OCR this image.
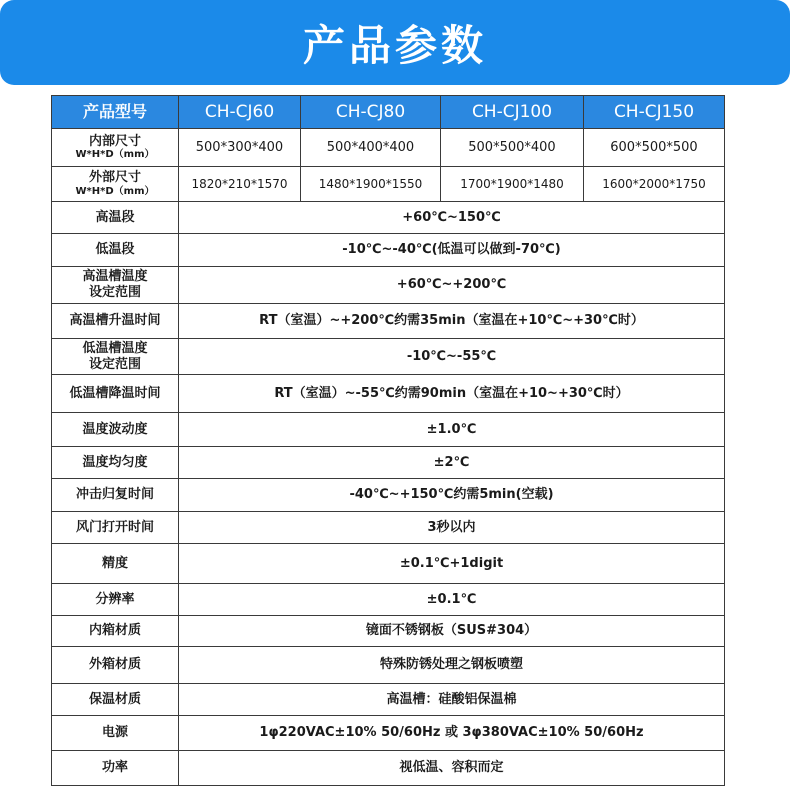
产品参数
产品型号	CH-CJ60	CH-CJ80	CH-CJ100	CH-CJ150
内部尺寸
W*H*D（mm）	500*300*400	500*400*400	500*500*400	600*500*500
外部尺寸
W*H*D（mm）	1820*210*1570	1480*1900*1550	1700*1900*1480	1600*2000*1750
高温段	+60℃~150℃			
低温段	-10℃~-40℃(低温可以做到-70℃)			

高温槽温度
设定范围	+60℃~+200℃			
高温槽升温时间	RT（室温）~+200℃约需35min（室温在+10℃~+30℃时）			

低温槽温度
设定范围	-10℃~-55℃			
低温槽降温时间	RT（室温）~-55℃约需90min（室温在+10~+30℃时）			
温度波动度	±1.0℃			
温度均匀度	±2℃			
冲击归复时间	-40℃~+150℃约需5min(空载)			
风门打开时间	3秒以内			
精度	±0.1℃+1digit			
分辨率	±0.1℃			
内箱材质	镜面不锈钢板（SUS#304）			
外箱材质	特殊防锈处理之钢板喷塑			
保温材质	高温槽：硅酸铝保温棉			
电源	1φ220VAC±10% 50/60Hz 或 3φ380VAC±10% 50/60Hz			
功率	视低温、容积而定			
